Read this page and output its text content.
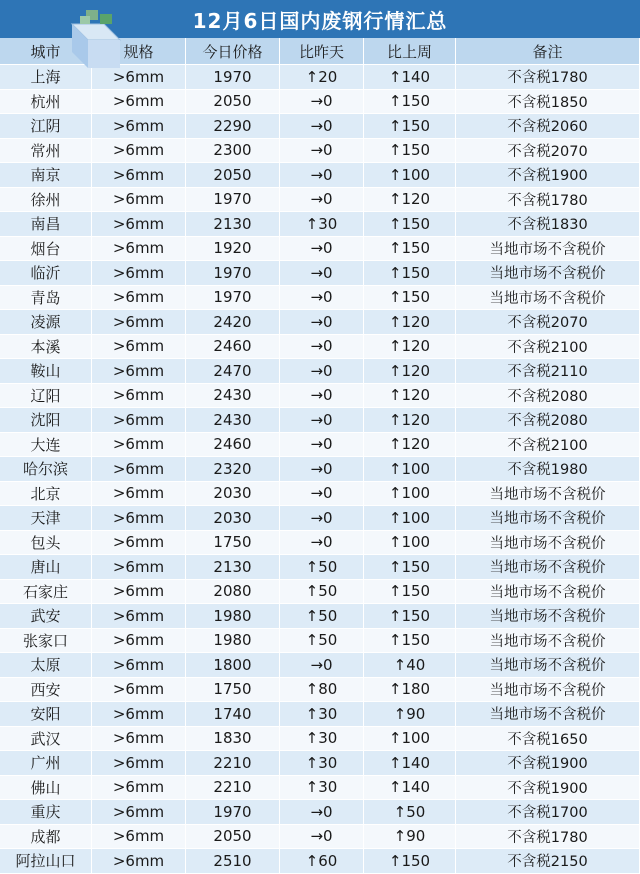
12月6日国内废钢行情汇总
城市	规格	今日价格	比昨天	比上周	备注
上海	>6mm	1970	↑20	↑140	不含税1780
杭州	>6mm	2050	→0	↑150	不含税1850
江阴	>6mm	2290	→0	↑150	不含税2060
常州	>6mm	2300	→0	↑150	不含税2070
南京	>6mm	2050	→0	↑100	不含税1900
徐州	>6mm	1970	→0	↑120	不含税1780
南昌	>6mm	2130	↑30	↑150	不含税1830
烟台	>6mm	1920	→0	↑150	当地市场不含税价
临沂	>6mm	1970	→0	↑150	当地市场不含税价
青岛	>6mm	1970	→0	↑150	当地市场不含税价
凌源	>6mm	2420	→0	↑120	不含税2070
本溪	>6mm	2460	→0	↑120	不含税2100
鞍山	>6mm	2470	→0	↑120	不含税2110
辽阳	>6mm	2430	→0	↑120	不含税2080
沈阳	>6mm	2430	→0	↑120	不含税2080
大连	>6mm	2460	→0	↑120	不含税2100
哈尔滨	>6mm	2320	→0	↑100	不含税1980
北京	>6mm	2030	→0	↑100	当地市场不含税价
天津	>6mm	2030	→0	↑100	当地市场不含税价
包头	>6mm	1750	→0	↑100	当地市场不含税价
唐山	>6mm	2130	↑50	↑150	当地市场不含税价
石家庄	>6mm	2080	↑50	↑150	当地市场不含税价
武安	>6mm	1980	↑50	↑150	当地市场不含税价
张家口	>6mm	1980	↑50	↑150	当地市场不含税价
太原	>6mm	1800	→0	↑40	当地市场不含税价
西安	>6mm	1750	↑80	↑180	当地市场不含税价
安阳	>6mm	1740	↑30	↑90	当地市场不含税价
武汉	>6mm	1830	↑30	↑100	不含税1650
广州	>6mm	2210	↑30	↑140	不含税1900
佛山	>6mm	2210	↑30	↑140	不含税1900
重庆	>6mm	1970	→0	↑50	不含税1700
成都	>6mm	2050	→0	↑90	不含税1780
阿拉山口	>6mm	2510	↑60	↑150	不含税2150
